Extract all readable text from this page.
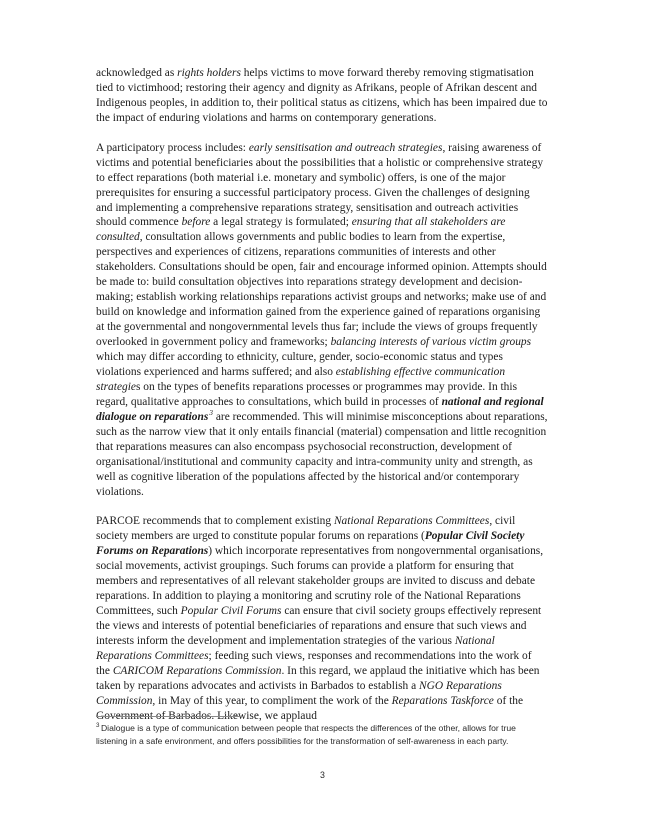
acknowledged as rights holders helps victims to move forward thereby removing stigmatisation tied to victimhood; restoring their agency and dignity as Afrikans, people of Afrikan descent and Indigenous peoples, in addition to, their political status as citizens, which has been impaired due to the impact of enduring violations and harms on contemporary generations.

A participatory process includes: early sensitisation and outreach strategies, raising awareness of victims and potential beneficiaries about the possibilities that a holistic or comprehensive strategy to effect reparations (both material i.e. monetary and symbolic) offers, is one of the major prerequisites for ensuring a successful participatory process. Given the challenges of designing and implementing a comprehensive reparations strategy, sensitisation and outreach activities should commence before a legal strategy is formulated; ensuring that all stakeholders are consulted, consultation allows governments and public bodies to learn from the expertise, perspectives and experiences of citizens, reparations communities of interests and other stakeholders. Consultations should be open, fair and encourage informed opinion. Attempts should be made to: build consultation objectives into reparations strategy development and decision-making; establish working relationships reparations activist groups and networks; make use of and build on knowledge and information gained from the experience gained of reparations organising at the governmental and nongovernmental levels thus far; include the views of groups frequently overlooked in government policy and frameworks; balancing interests of various victim groups which may differ according to ethnicity, culture, gender, socio-economic status and types violations experienced and harms suffered; and also establishing effective communication strategies on the types of benefits reparations processes or programmes may provide. In this regard, qualitative approaches to consultations, which build in processes of national and regional dialogue on reparations$^3$ are recommended. This will minimise misconceptions about reparations, such as the narrow view that it only entails financial (material) compensation and little recognition that reparations measures can also encompass psychosocial reconstruction, development of organisational/institutional and community capacity and intra-community unity and strength, as well as cognitive liberation of the populations affected by the historical and/or contemporary violations.

PARCOE recommends that to complement existing National Reparations Committees, civil society members are urged to constitute popular forums on reparations (Popular Civil Society Forums on Reparations) which incorporate representatives from nongovernmental organisations, social movements, activist groupings. Such forums can provide a platform for ensuring that members and representatives of all relevant stakeholder groups are invited to discuss and debate reparations. In addition to playing a monitoring and scrutiny role of the National Reparations Committees, such Popular Civil Forums can ensure that civil society groups effectively represent the views and interests of potential beneficiaries of reparations and ensure that such views and interests inform the development and implementation strategies of the various National Reparations Committees; feeding such views, responses and recommendations into the work of the CARICOM Reparations Commission. In this regard, we applaud the initiative which has been taken by reparations advocates and activists in Barbados to establish a NGO Reparations Commission, in May of this year, to compliment the work of the Reparations Taskforce of the Government of Barbados. Likewise, we applaud

$^3$ Dialogue is a type of communication between people that respects the differences of the other, allows for true listening in a safe environment, and offers possibilities for the transformation of self-awareness in each party.

3
